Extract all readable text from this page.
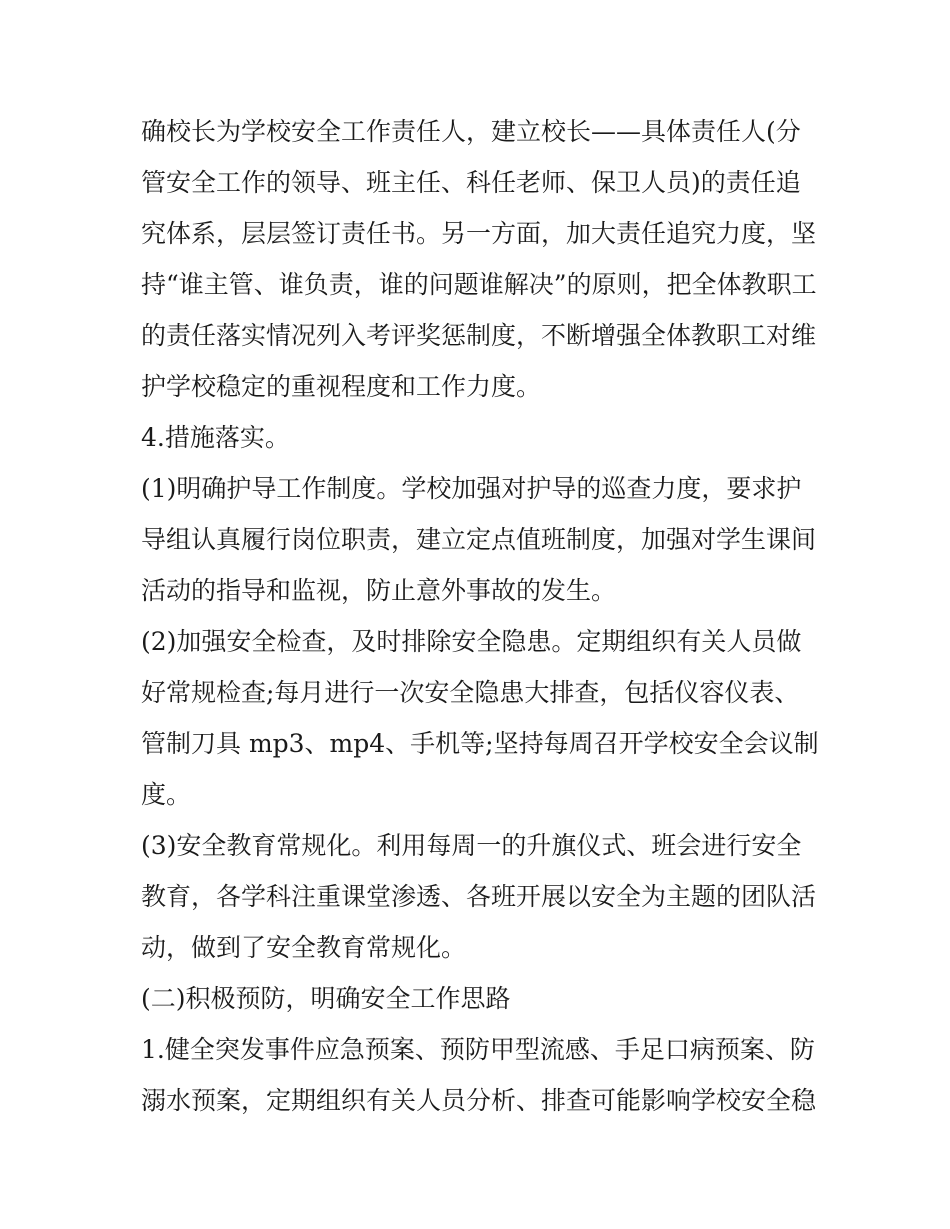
确校长为学校安全工作责任人，建立校长——具体责任人(分
管安全工作的领导、班主任、科任老师、保卫人员)的责任追
究体系，层层签订责任书。另一方面，加大责任追究力度，坚
持“谁主管、谁负责，谁的问题谁解决”的原则，把全体教职工
的责任落实情况列入考评奖惩制度，不断增强全体教职工对维
护学校稳定的重视程度和工作力度。
4.措施落实。
(1)明确护导工作制度。学校加强对护导的巡查力度，要求护
导组认真履行岗位职责，建立定点值班制度，加强对学生课间
活动的指导和监视，防止意外事故的发生。
(2)加强安全检查，及时排除安全隐患。定期组织有关人员做
好常规检查;每月进行一次安全隐患大排查，包括仪容仪表、
管制刀具 mp3、mp4、手机等;坚持每周召开学校安全会议制
度。
(3)安全教育常规化。利用每周一的升旗仪式、班会进行安全
教育，各学科注重课堂渗透、各班开展以安全为主题的团队活
动，做到了安全教育常规化。
(二)积极预防，明确安全工作思路
1.健全突发事件应急预案、预防甲型流感、手足口病预案、防
溺水预案，定期组织有关人员分析、排查可能影响学校安全稳
